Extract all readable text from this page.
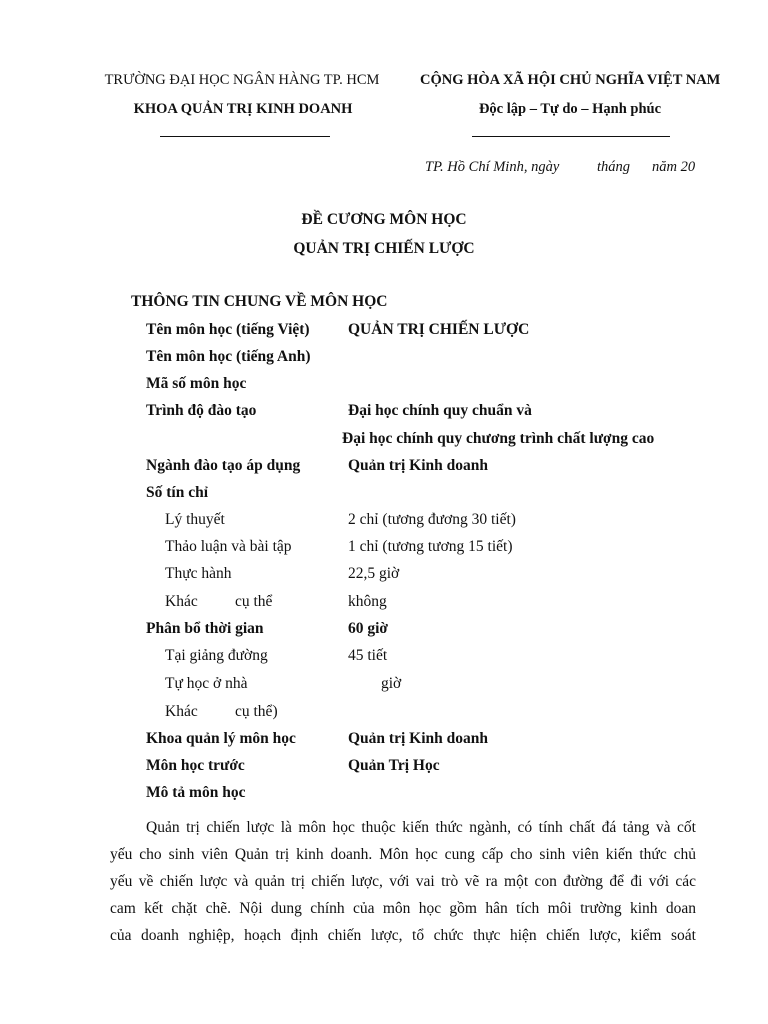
TRƯỜNG ĐẠI HỌC NGÂN HÀNG TP. HCM
KHOA QUẢN TRỊ KINH DOANH
CỘNG HÒA XÃ HỘI CHỦ NGHĨA VIỆT NAM
Độc lập – Tự do – Hạnh phúc
TP. Hồ Chí Minh, ngày	tháng năm 20
ĐỀ CƯƠNG MÔN HỌC
QUẢN TRỊ CHIẾN LƯỢC
THÔNG TIN CHUNG VỀ MÔN HỌC
Tên môn học (tiếng Việt) QUẢN TRỊ CHIẾN LƯỢC
Tên môn học (tiếng Anh)
Mã số môn học
Trình độ đào tạo	Đại học chính quy chuẩn và
Đại học chính quy chương trình chất lượng cao
Ngành đào tạo áp dụng	Quản trị Kinh doanh
Số tín chỉ
Lý thuyết	2 chỉ (tương đương 30 tiết)
Thảo luận và bài tập	1 chỉ (tương tương 15 tiết)
Thực hành	22,5 giờ
Khác cụ thể	không
Phân bổ thời gian	60 giờ
Tại giảng đường	45 tiết
Tự học ở nhà	giờ
Khác cụ thể)
Khoa quản lý môn học	Quản trị Kinh doanh
Môn học trước	Quản Trị Học
Mô tả môn học
Quản trị chiến lược là môn học thuộc kiến thức ngành, có tính chất đá tảng và cốt
yếu cho sinh viên Quản trị kinh doanh. Môn học cung cấp cho sinh viên kiến thức chủ
yếu về chiến lược và quản trị chiến lược, với vai trò vẽ ra một con đường để đi với các
cam kết chặt chẽ. Nội dung chính của môn học gồm hân tích môi trường kinh doan
của doanh nghiệp, hoạch định chiến lược, tổ chức thực hiện chiến lược, kiểm soát
